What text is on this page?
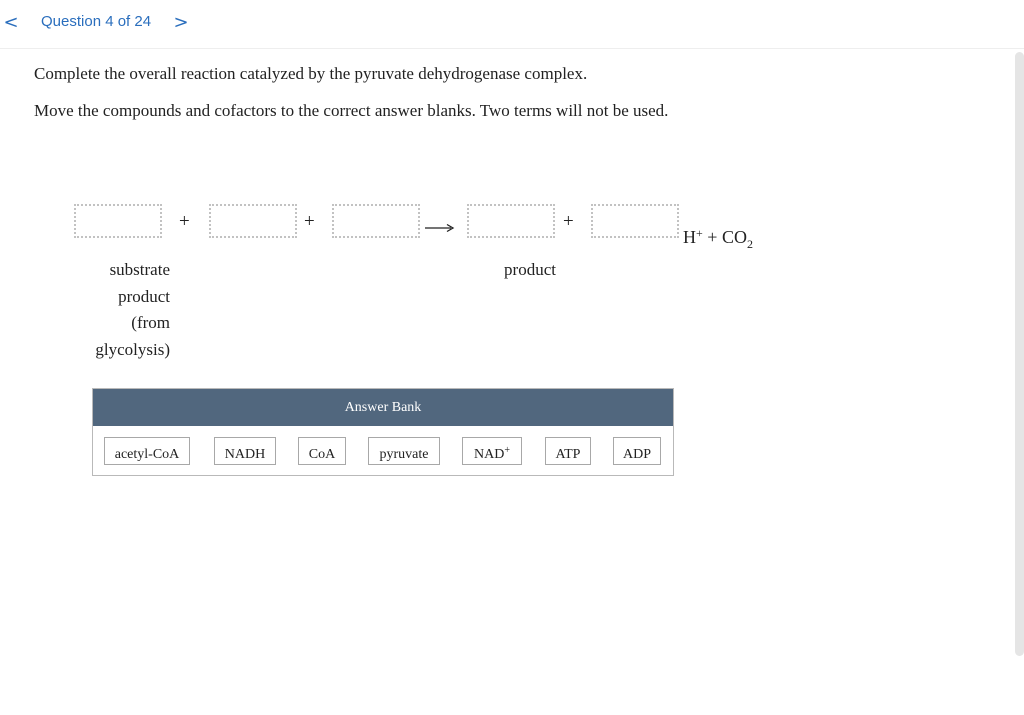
< Question 4 of 24 >
Complete the overall reaction catalyzed by the pyruvate dehydrogenase complex.
Move the compounds and cofactors to the correct answer blanks. Two terms will not be used.
+	+	+
$H^+ + CO_2$
substrate
product
(from
glycolysis)
product
Answer Bank
acetyl-CoA	NADH	CoA	pyruvate	NAD+	ATP	ADP
